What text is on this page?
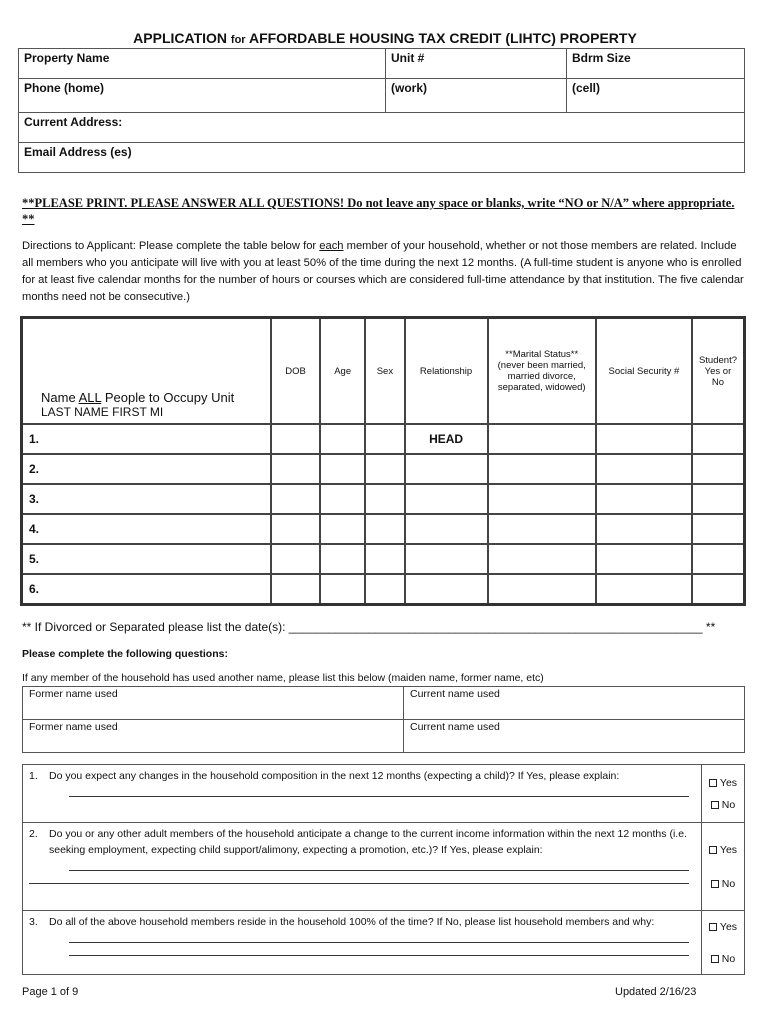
APPLICATION for AFFORDABLE HOUSING TAX CREDIT (LIHTC) PROPERTY
Property Name	Unit #	Bdrm Size
Phone (home)	(work)	(cell)
Current Address:		
Email Address (es)		
**PLEASE PRINT. PLEASE ANSWER ALL QUESTIONS! Do not leave any space or blanks, write “NO or N/A” where appropriate. **
Directions to Applicant: Please complete the table below for each member of your household, whether or not those members are related. Include all members who you anticipate will live with you at least 50% of the time during the next 12 months. (A full-time student is anyone who is enrolled for at least five calendar months for the number of hours or courses which are considered full-time attendance by that institution. The five calendar months need not be consecutive.)
Name ALL People to Occupy Unit
LAST NAME FIRST MI	DOB	Age	Sex	Relationship	**Marital Status** (never been married, married divorce, separated, widowed)	Social Security #	Student? Yes or No
1.				HEAD			
2.							
3.							
4.							
5.							
6.							
** If Divorced or Separated please list the date(s): ______________________________________________________________ **
Please complete the following questions:
If any member of the household has used another name, please list this below (maiden name, former name, etc)
Former name used	Current name used
Former name used	Current name used
1. Do you expect any changes in the household composition in the next 12 months (expecting a child)? If Yes, please explain:	Yes
No

2. Do you or any other adult members of the household anticipate a change to the current income information within the next 12 months (i.e. seeking employment, expecting child support/alimony, expecting a promotion, etc.)? If Yes, please explain:	Yes
No

3. Do all of the above household members reside in the household 100% of the time? If No, please list household members and why:	Yes
No
Page 1 of 9	Updated 2/16/23
